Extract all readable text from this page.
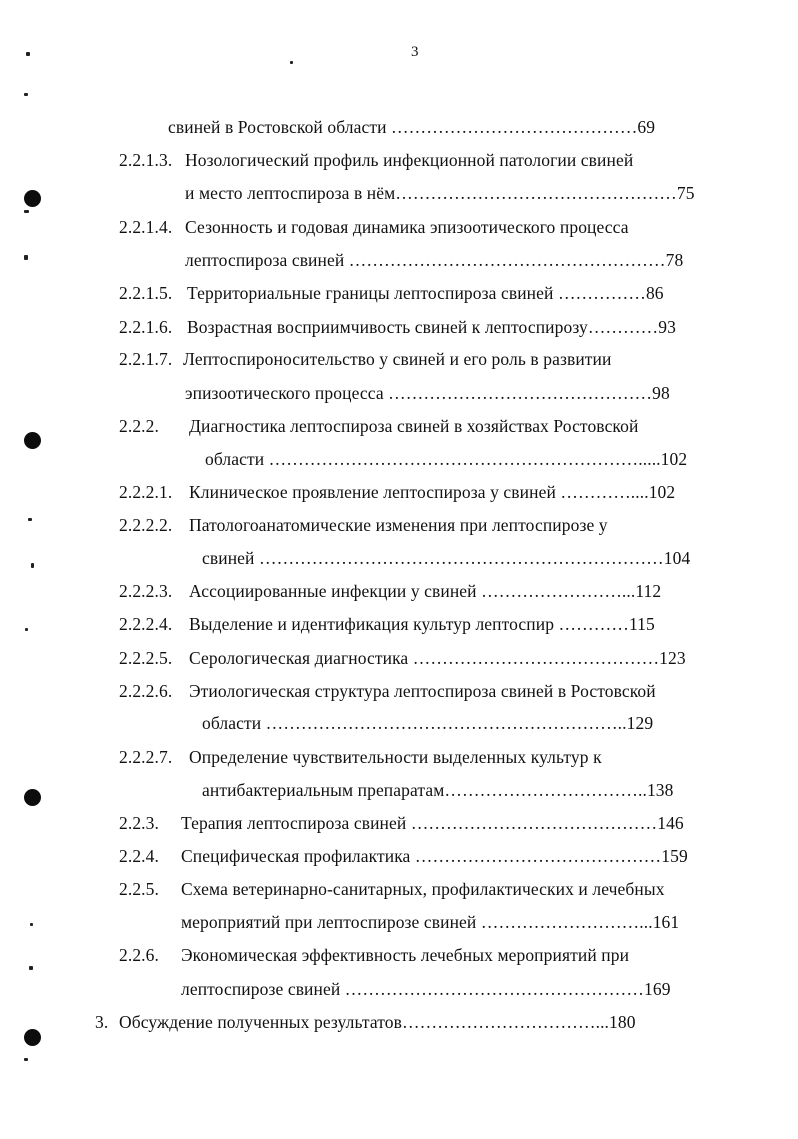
3
свиней в Ростовской области ……………………………………69
2.2.1.3. Нозологический профиль инфекционной патологии свиней
и место лептоспироза в нём…………………………………………75
2.2.1.4. Сезонность и годовая динамика эпизоотического процесса
лептоспироза свиней ………………………………………………78
2.2.1.5. Территориальные границы лептоспироза свиней ……………86
2.2.1.6. Возрастная восприимчивость свиней к лептоспирозу…………93
2.2.1.7. Лептоспироносительство у свиней и его роль в развитии
эпизоотического процесса ………………………………………98
2.2.2. Диагностика лептоспироза свиней в хозяйствах Ростовской
области ……………………………………………………….....102
2.2.2.1. Клиническое проявление лептоспироза у свиней …………....102
2.2.2.2. Патологоанатомические изменения при лептоспирозе у
свиней ……………………………………………………………104
2.2.2.3. Ассоциированные инфекции у свиней ……………………...112
2.2.2.4. Выделение и идентификация культур лептоспир …………115
2.2.2.5. Серологическая диагностика ……………………………………123
2.2.2.6. Этиологическая структура лептоспироза свиней в Ростовской
области ……………………………………………………..129
2.2.2.7. Определение чувствительности выделенных культур к
антибактериальным препаратам……………………………..138
2.2.3. Терапия лептоспироза свиней ……………………………………146
2.2.4. Специфическая профилактика ……………………………………159
2.2.5. Схема ветеринарно-санитарных, профилактических и лечебных
мероприятий при лептоспирозе свиней ………………………...161
2.2.6. Экономическая эффективность лечебных мероприятий при
лептоспирозе свиней ……………………………………………169
3. Обсуждение полученных результатов……………………………...180
